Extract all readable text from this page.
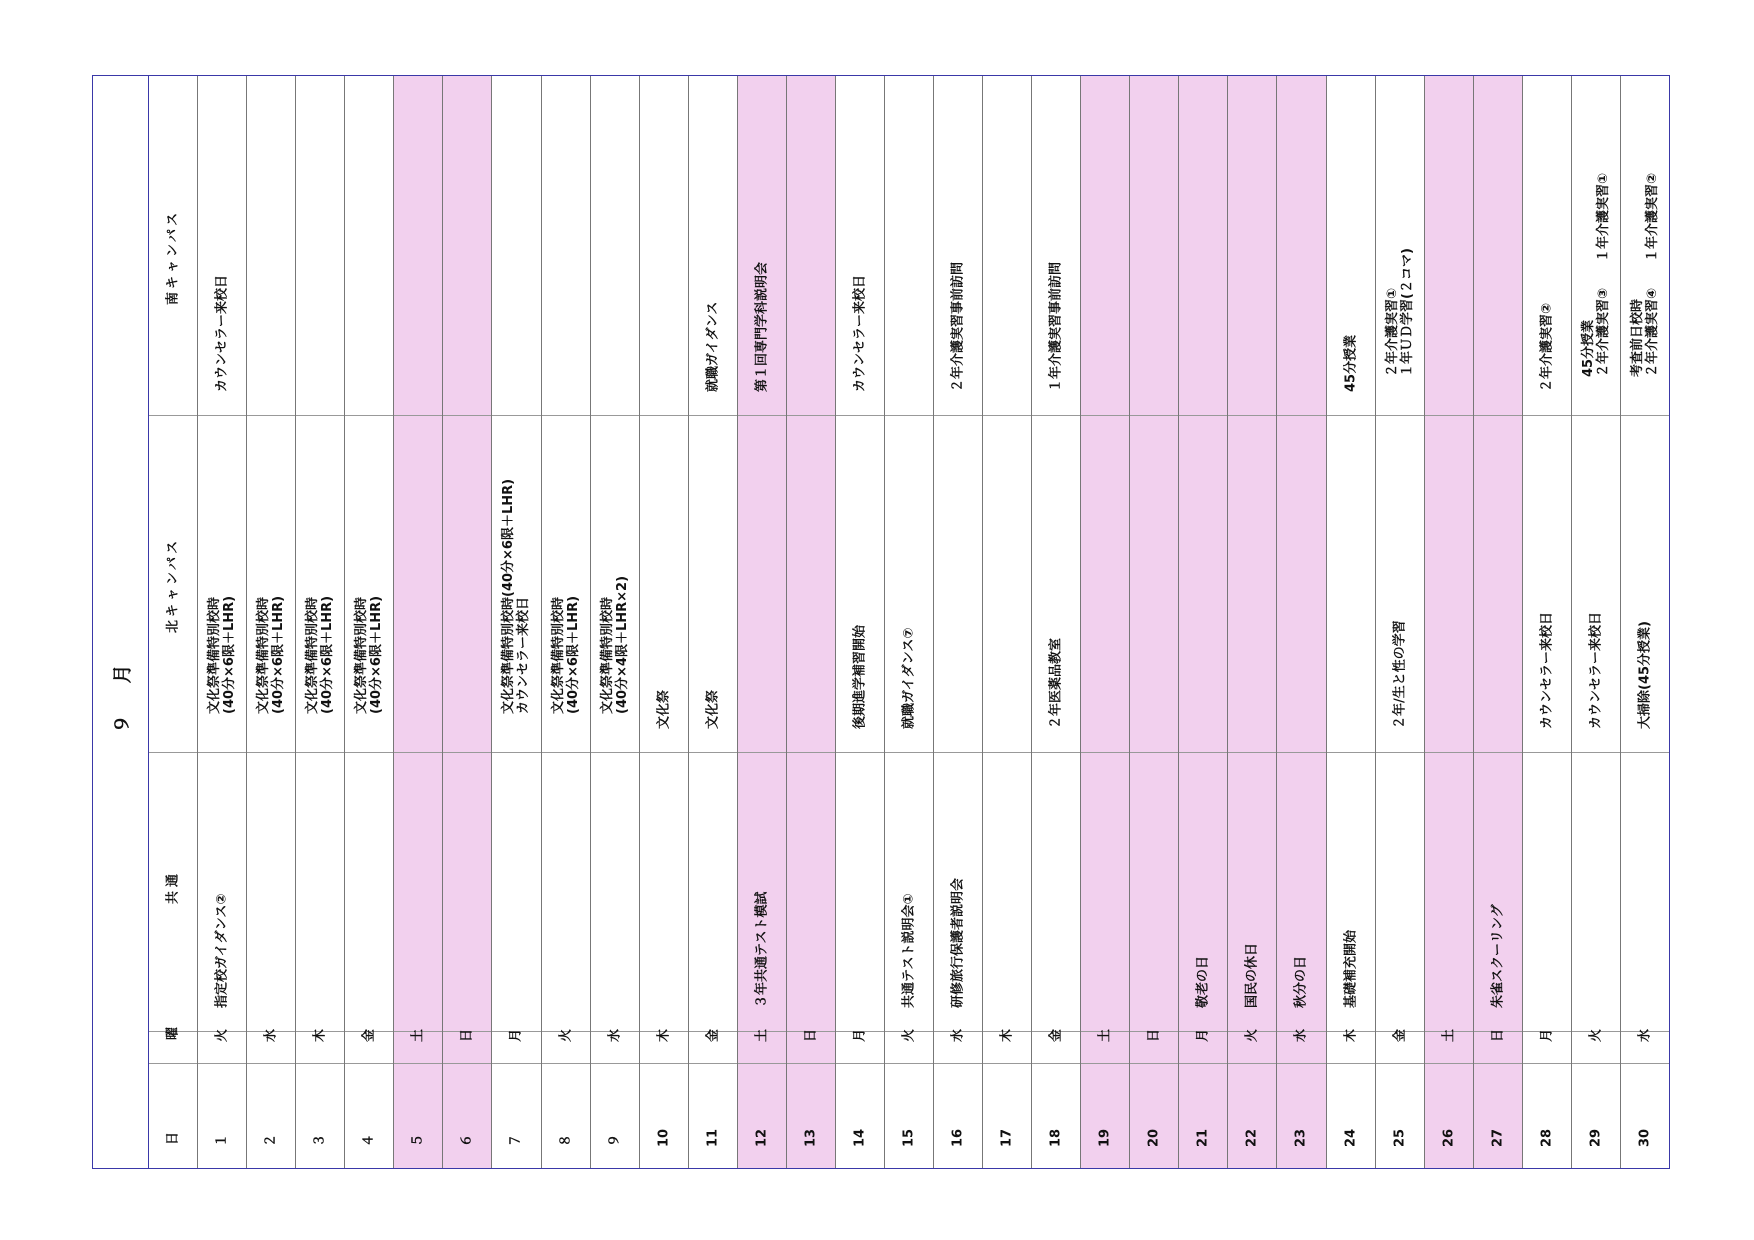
９　月
南キャンパス
北キャンパス
共通
曜
日
カウンセラー来校日
文化祭準備特別校時
(40分×6限＋LHR)
指定校ガイダンス②
火
１
文化祭準備特別校時
(40分×6限＋LHR)
水
２
文化祭準備特別校時
(40分×6限＋LHR)
木
３
文化祭準備特別校時
(40分×6限＋LHR)
金
４
土
５
日
６
文化祭準備特別校時(40分×6限＋LHR)
カウンセラー来校日
月
７
文化祭準備特別校時
(40分×6限＋LHR)
火
８
文化祭準備特別校時
(40分×4限＋LHR×2)
水
９
文化祭
木
10
就職ガイダンス
文化祭
金
11
第１回専門学科説明会
３年共通テスト模試
土
12
日
13
カウンセラー来校日
後期進学補習開始
月
14
就職ガイダンス⑦
共通テスト説明会①
火
15
２年介護実習事前訪問
研修旅行保護者説明会
水
16
木
17
１年介護実習事前訪問
２年医薬品教室
金
18
土
19
日
20
敬老の日
月
21
国民の休日
火
22
秋分の日
水
23
45分授業
基礎補充開始
木
24
２年介護実習①
１年ＵＤ学習(２コマ)
２年/生と性の学習
金
25
土
26
朱雀スクーリング
日
27
２年介護実習②
カウンセラー来校日
月
28
45分授業
２年介護実習③　　１年介護実習①
カウンセラー来校日
火
29
考査前日校時
２年介護実習④　　１年介護実習②
大掃除(45分授業)
水
30
